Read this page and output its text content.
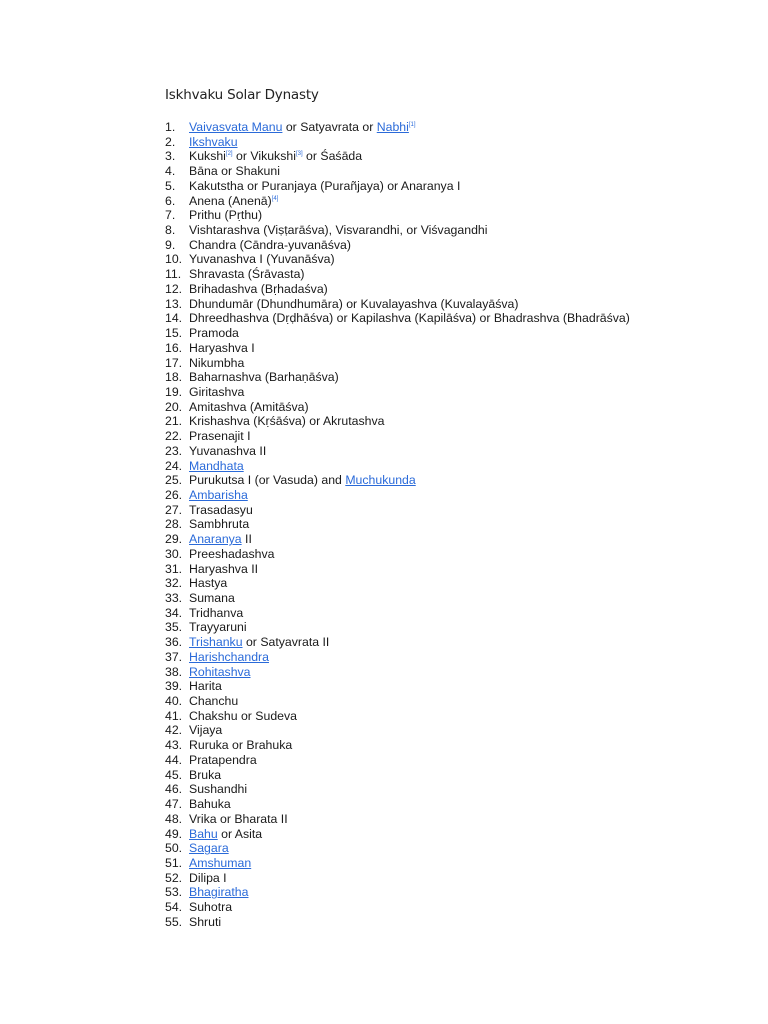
Iskhvaku Solar Dynasty
1. Vaivasvata Manu or Satyavrata or Nabhi[1]
2. Ikshvaku
3. Kukshi[2] or Vikukshi[3] or Śaśāda
4. Bāna or Shakuni
5. Kakutstha or Puranjaya (Purañjaya) or Anaranya I
6. Anena (Anenā)[4]
7. Prithu (Pṛthu)
8. Vishtarashva (Viṣṭarāśva), Visvarandhi, or Viśvagandhi
9. Chandra (Cāndra-yuvanāśva)
10. Yuvanashva I (Yuvanāśva)
11. Shravasta (Śrāvasta)
12. Brihadashva (Bṛhadaśva)
13. Dhundumār (Dhundhumāra) or Kuvalayashva (Kuvalayāśva)
14. Dhreedhashva (Dṛḍhāśva) or Kapilashva (Kapilāśva) or Bhadrashva (Bhadrāśva)
15. Pramoda
16. Haryashva I
17. Nikumbha
18. Baharnashva (Barhaṇāśva)
19. Giritashva
20. Amitashva (Amitāśva)
21. Krishashva (Kṛśāśva) or Akrutashva
22. Prasenajit I
23. Yuvanashva II
24. Mandhata
25. Purukutsa I (or Vasuda) and Muchukunda
26. Ambarisha
27. Trasadasyu
28. Sambhruta
29. Anaranya II
30. Preeshadashva
31. Haryashva II
32. Hastya
33. Sumana
34. Tridhanva
35. Trayyaruni
36. Trishanku or Satyavrata II
37. Harishchandra
38. Rohitashva
39. Harita
40. Chanchu
41. Chakshu or Sudeva
42. Vijaya
43. Ruruka or Brahuka
44. Pratapendra
45. Bruka
46. Sushandhi
47. Bahuka
48. Vrika or Bharata II
49. Bahu or Asita
50. Sagara
51. Amshuman
52. Dilipa I
53. Bhagiratha
54. Suhotra
55. Shruti
